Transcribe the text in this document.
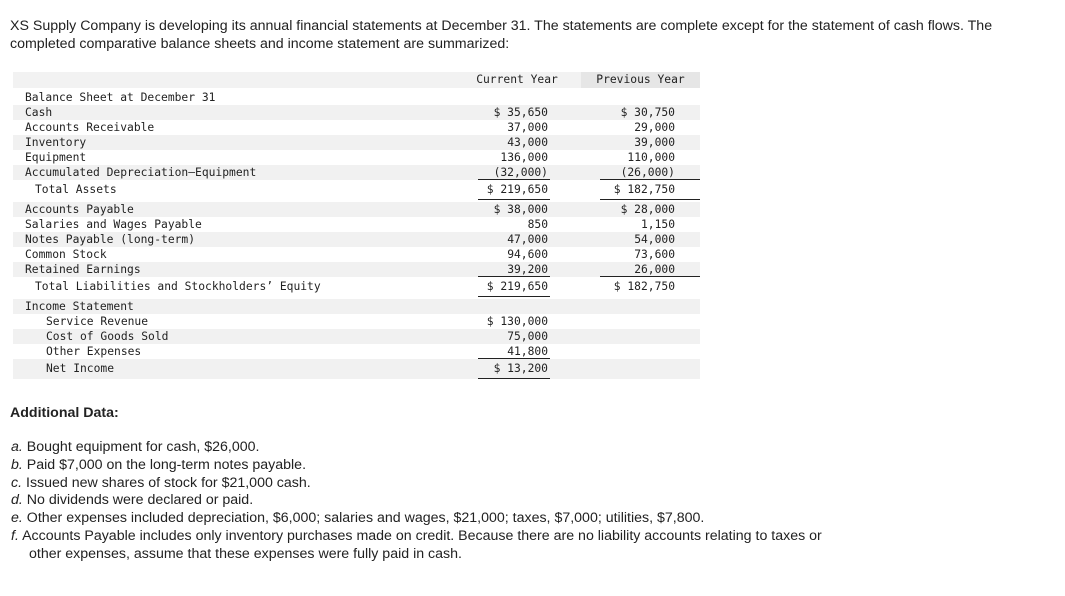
XS Supply Company is developing its annual financial statements at December 31. The statements are complete except for the statement of cash flows. The completed comparative balance sheets and income statement are summarized:

Current Year	Previous Year
Balance Sheet at December 31
Cash	$ 35,650	$ 30,750
Accounts Receivable	37,000	29,000
Inventory	43,000	39,000
Equipment	136,000	110,000
Accumulated Depreciation—Equipment	(32,000)	(26,000)
Total Assets	$ 219,650	$ 182,750
Accounts Payable	$ 38,000	$ 28,000
Salaries and Wages Payable	850	1,150
Notes Payable (long-term)	47,000	54,000
Common Stock	94,600	73,600
Retained Earnings	39,200	26,000
Total Liabilities and Stockholders’ Equity	$ 219,650	$ 182,750
Income Statement
Service Revenue	$ 130,000
Cost of Goods Sold	75,000
Other Expenses	41,800
Net Income	$ 13,200
Additional Data:
a. Bought equipment for cash, $26,000.
b. Paid $7,000 on the long-term notes payable.
c. Issued new shares of stock for $21,000 cash.
d. No dividends were declared or paid.
e. Other expenses included depreciation, $6,000; salaries and wages, $21,000; taxes, $7,000; utilities, $7,800.
f. Accounts Payable includes only inventory purchases made on credit. Because there are no liability accounts relating to taxes or
other expenses, assume that these expenses were fully paid in cash.
